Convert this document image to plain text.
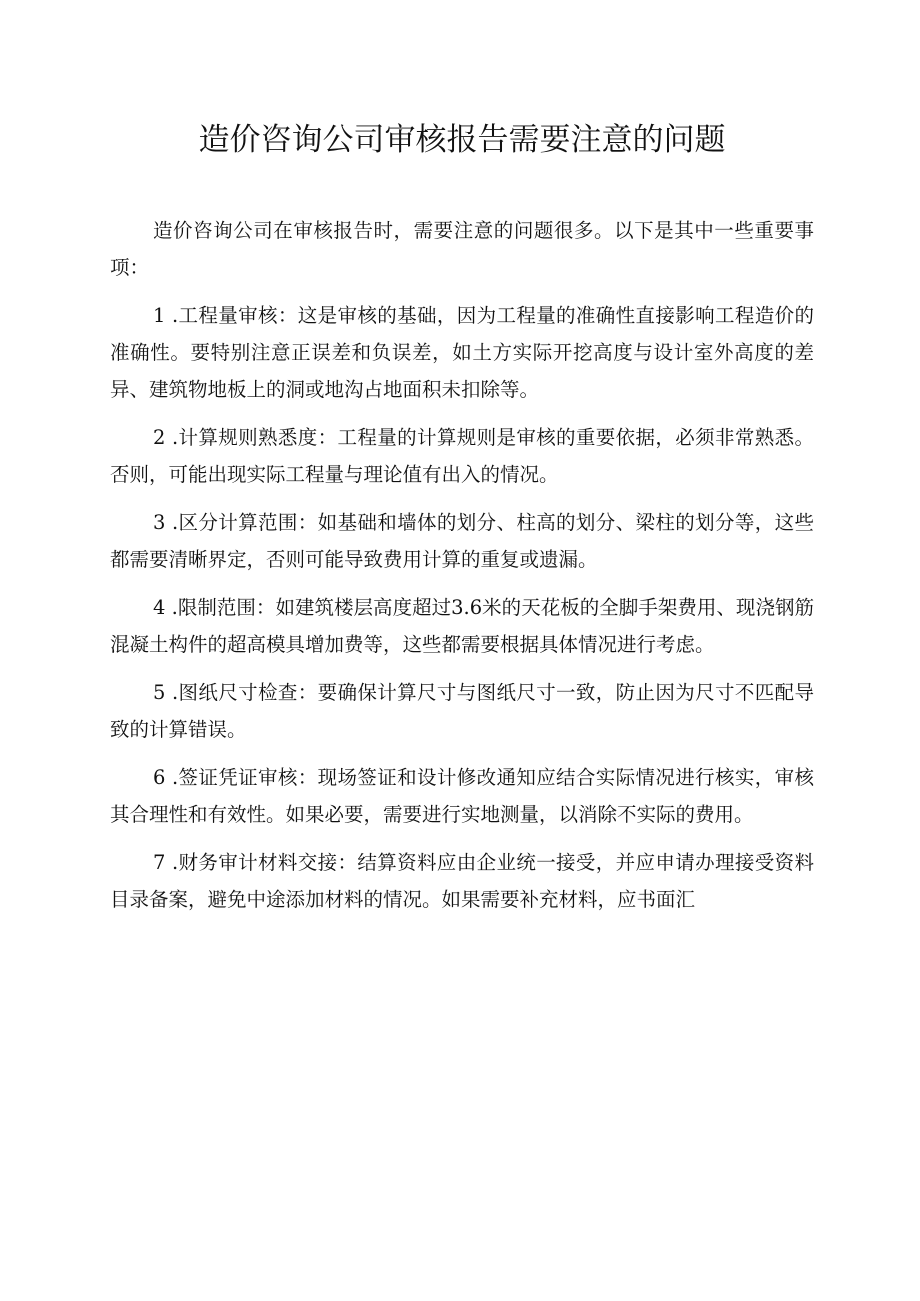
造价咨询公司审核报告需要注意的问题

造价咨询公司在审核报告时，需要注意的问题很多。以下是其中一些重要事项：

1 .工程量审核：这是审核的基础，因为工程量的准确性直接影响工程造价的准确性。要特别注意正误差和负误差，如土方实际开挖高度与设计室外高度的差异、建筑物地板上的洞或地沟占地面积未扣除等。

2 .计算规则熟悉度：工程量的计算规则是审核的重要依据，必须非常熟悉。否则，可能出现实际工程量与理论值有出入的情况。

3 .区分计算范围：如基础和墙体的划分、柱高的划分、梁柱的划分等，这些都需要清晰界定，否则可能导致费用计算的重复或遗漏。

4 .限制范围：如建筑楼层高度超过3.6米的天花板的全脚手架费用、现浇钢筋混凝土构件的超高模具增加费等，这些都需要根据具体情况进行考虑。

5 .图纸尺寸检查：要确保计算尺寸与图纸尺寸一致，防止因为尺寸不匹配导致的计算错误。

6 .签证凭证审核：现场签证和设计修改通知应结合实际情况进行核实，审核其合理性和有效性。如果必要，需要进行实地测量，以消除不实际的费用。

7 .财务审计材料交接：结算资料应由企业统一接受，并应申请办理接受资料目录备案，避免中途添加材料的情况。如果需要补充材料，应书面汇
